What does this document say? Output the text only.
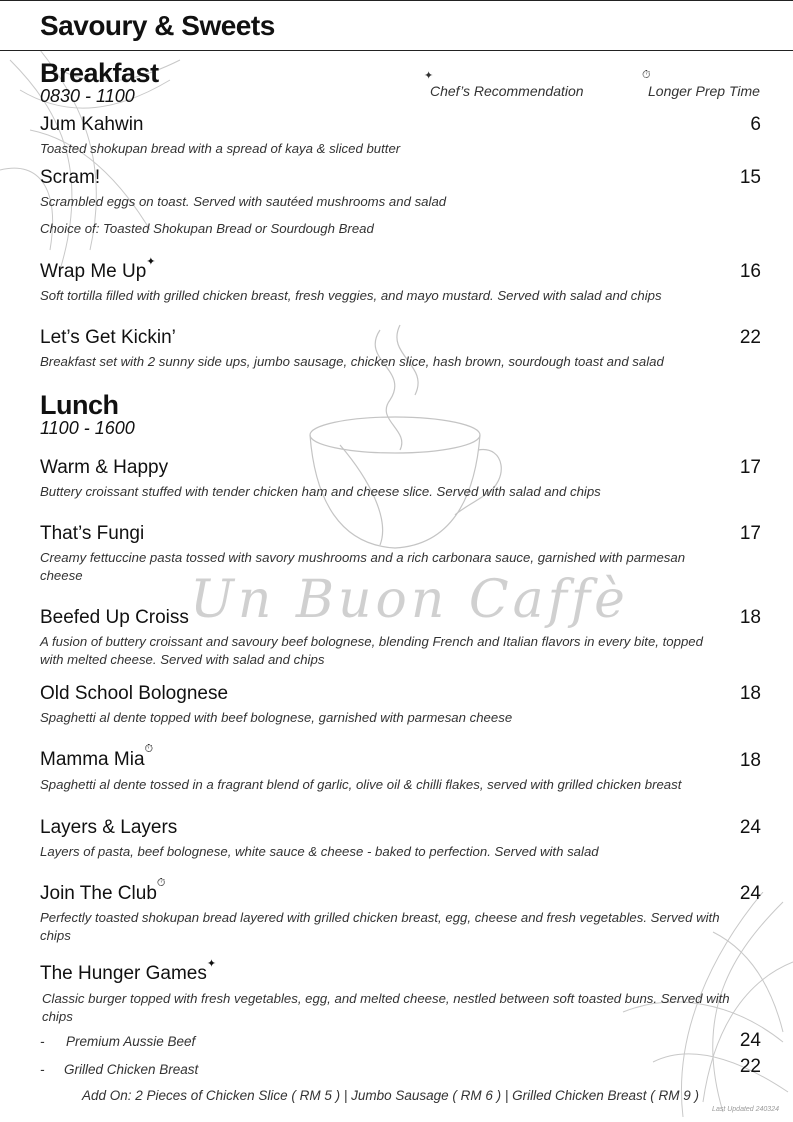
Un Buon Caffè
Savoury & Sweets
✦
Chef’s Recommendation
⏱
Longer Prep Time
Breakfast
0830 - 1100
Jum Kahwin	6
Toasted shokupan bread with a spread of kaya & sliced butter
Scram!	15
Scrambled eggs on toast. Served with sautéed mushrooms and salad
Choice of: Toasted Shokupan Bread or Sourdough Bread
Wrap Me Up✦	16
Soft tortilla filled with grilled chicken breast, fresh veggies, and mayo mustard. Served with salad and chips
Let’s Get Kickin’	22
Breakfast set with 2 sunny side ups, jumbo sausage, chicken slice, hash brown, sourdough toast and salad
Lunch
1100 - 1600
Warm & Happy	17
Buttery croissant stuffed with tender chicken ham and cheese slice. Served with salad and chips
That’s Fungi	17
Creamy fettuccine pasta tossed with savory mushrooms and a rich carbonara sauce, garnished with parmesan cheese
Beefed Up Croiss	18
A fusion of buttery croissant and savoury beef bolognese, blending French and Italian flavors in every bite, topped with melted cheese. Served with salad and chips
Old School Bolognese	18
Spaghetti al dente topped with beef bolognese, garnished with parmesan cheese
Mamma Mia⏱
18
Spaghetti al dente tossed in a fragrant blend of garlic, olive oil & chilli flakes, served with grilled chicken breast
Layers & Layers	24
Layers of pasta, beef bolognese, white sauce & cheese - baked to perfection. Served with salad
Join The Club⏱	24
Perfectly toasted shokupan bread layered with grilled chicken breast, egg, cheese and fresh vegetables. Served with chips
The Hunger Games✦
Classic burger topped with fresh vegetables, egg, and melted cheese, nestled between soft toasted buns. Served with chips
- Premium Aussie Beef	24
- Grilled Chicken Breast	22
Add On: 2 Pieces of Chicken Slice ( RM 5 ) | Jumbo Sausage ( RM 6 ) | Grilled Chicken Breast ( RM 9 )
Last Updated 240324
